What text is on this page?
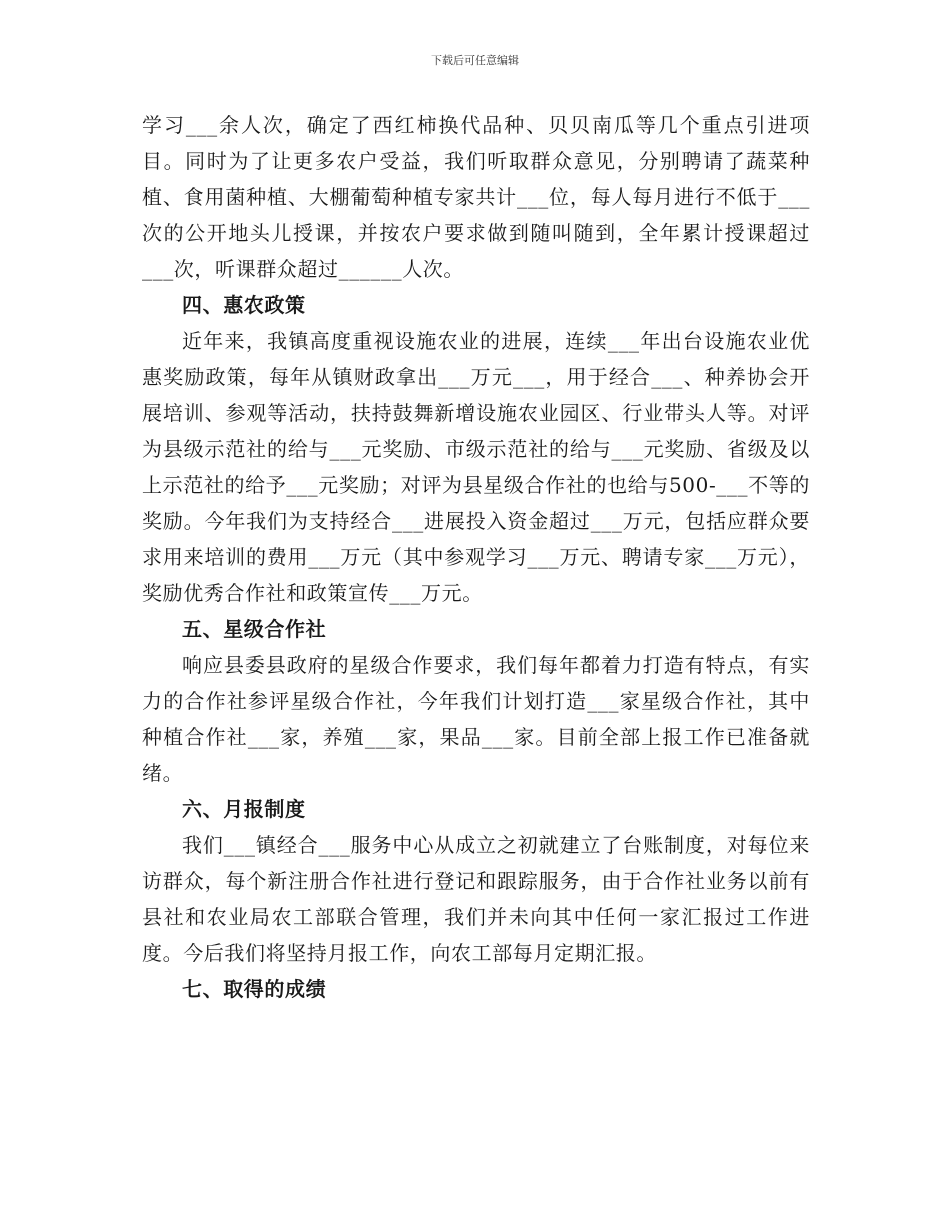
下载后可任意编辑

学习___余人次，确定了西红柿换代品种、贝贝南瓜等几个重点引进项目。同时为了让更多农户受益，我们听取群众意见，分别聘请了蔬菜种植、食用菌种植、大棚葡萄种植专家共计___位，每人每月进行不低于___次的公开地头儿授课，并按农户要求做到随叫随到，全年累计授课超过___次，听课群众超过______人次。

四、惠农政策

近年来，我镇高度重视设施农业的进展，连续___年出台设施农业优惠奖励政策，每年从镇财政拿出___万元___，用于经合___、种养协会开展培训、参观等活动，扶持鼓舞新增设施农业园区、行业带头人等。对评为县级示范社的给与___元奖励、市级示范社的给与___元奖励、省级及以上示范社的给予___元奖励；对评为县星级合作社的也给与500-___不等的奖励。今年我们为支持经合___进展投入资金超过___万元，包括应群众要求用来培训的费用___万元（其中参观学习___万元、聘请专家___万元），奖励优秀合作社和政策宣传___万元。

五、星级合作社

响应县委县政府的星级合作要求，我们每年都着力打造有特点，有实力的合作社参评星级合作社，今年我们计划打造___家星级合作社，其中种植合作社___家，养殖___家，果品___家。目前全部上报工作已准备就绪。

六、月报制度

我们___镇经合___服务中心从成立之初就建立了台账制度，对每位来访群众，每个新注册合作社进行登记和跟踪服务，由于合作社业务以前有县社和农业局农工部联合管理，我们并未向其中任何一家汇报过工作进度。今后我们将坚持月报工作，向农工部每月定期汇报。

七、取得的成绩
